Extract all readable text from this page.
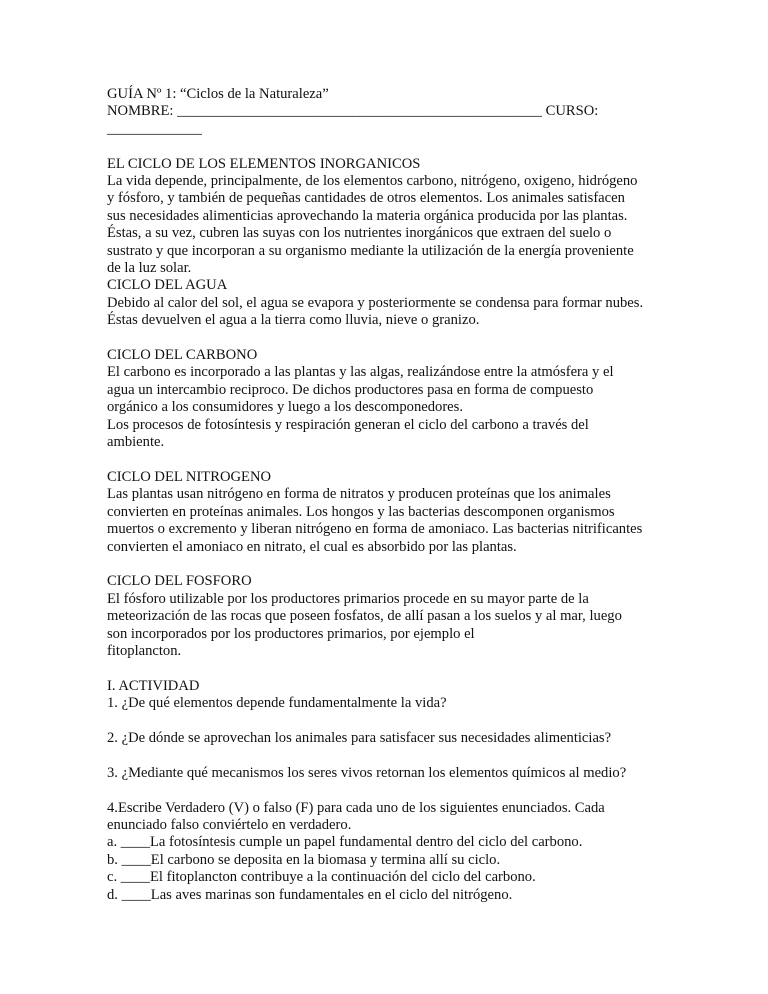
GUÍA Nº 1: “Ciclos de la Naturaleza”
NOMBRE: __________________________________________________ CURSO:
_____________
EL CICLO DE LOS ELEMENTOS INORGANICOS
La vida depende, principalmente, de los elementos carbono, nitrógeno, oxigeno, hidrógeno
y fósforo, y también de pequeñas cantidades de otros elementos. Los animales satisfacen
sus necesidades alimenticias aprovechando la materia orgánica producida por las plantas.
Éstas, a su vez, cubren las suyas con los nutrientes inorgánicos que extraen del suelo o
sustrato y que incorporan a su organismo mediante la utilización de la energía proveniente
de la luz solar.
CICLO DEL AGUA
Debido al calor del sol, el agua se evapora y posteriormente se condensa para formar nubes.
Éstas devuelven el agua a la tierra como lluvia, nieve o granizo.
CICLO DEL CARBONO
El carbono es incorporado a las plantas y las algas, realizándose entre la atmósfera y el
agua un intercambio reciproco. De dichos productores pasa en forma de compuesto
orgánico a los consumidores y luego a los descomponedores.
Los procesos de fotosíntesis y respiración generan el ciclo del carbono a través del
ambiente.
CICLO DEL NITROGENO
Las plantas usan nitrógeno en forma de nitratos y producen proteínas que los animales
convierten en proteínas animales. Los hongos y las bacterias descomponen organismos
muertos o excremento y liberan nitrógeno en forma de amoniaco. Las bacterias nitrificantes
convierten el amoniaco en nitrato, el cual es absorbido por las plantas.
CICLO DEL FOSFORO
El fósforo utilizable por los productores primarios procede en su mayor parte de la
meteorización de las rocas que poseen fosfatos, de allí pasan a los suelos y al mar, luego
son incorporados por los productores primarios, por ejemplo el
fitoplancton.
I. ACTIVIDAD
1. ¿De qué elementos depende fundamentalmente la vida?
2. ¿De dónde se aprovechan los animales para satisfacer sus necesidades alimenticias?
3. ¿Mediante qué mecanismos los seres vivos retornan los elementos químicos al medio?
4.Escribe Verdadero (V) o falso (F) para cada uno de los siguientes enunciados. Cada
enunciado falso conviértelo en verdadero.
a. ____La fotosíntesis cumple un papel fundamental dentro del ciclo del carbono.
b. ____El carbono se deposita en la biomasa y termina allí su ciclo.
c. ____El fitoplancton contribuye a la continuación del ciclo del carbono.
d. ____Las aves marinas son fundamentales en el ciclo del nitrógeno.
